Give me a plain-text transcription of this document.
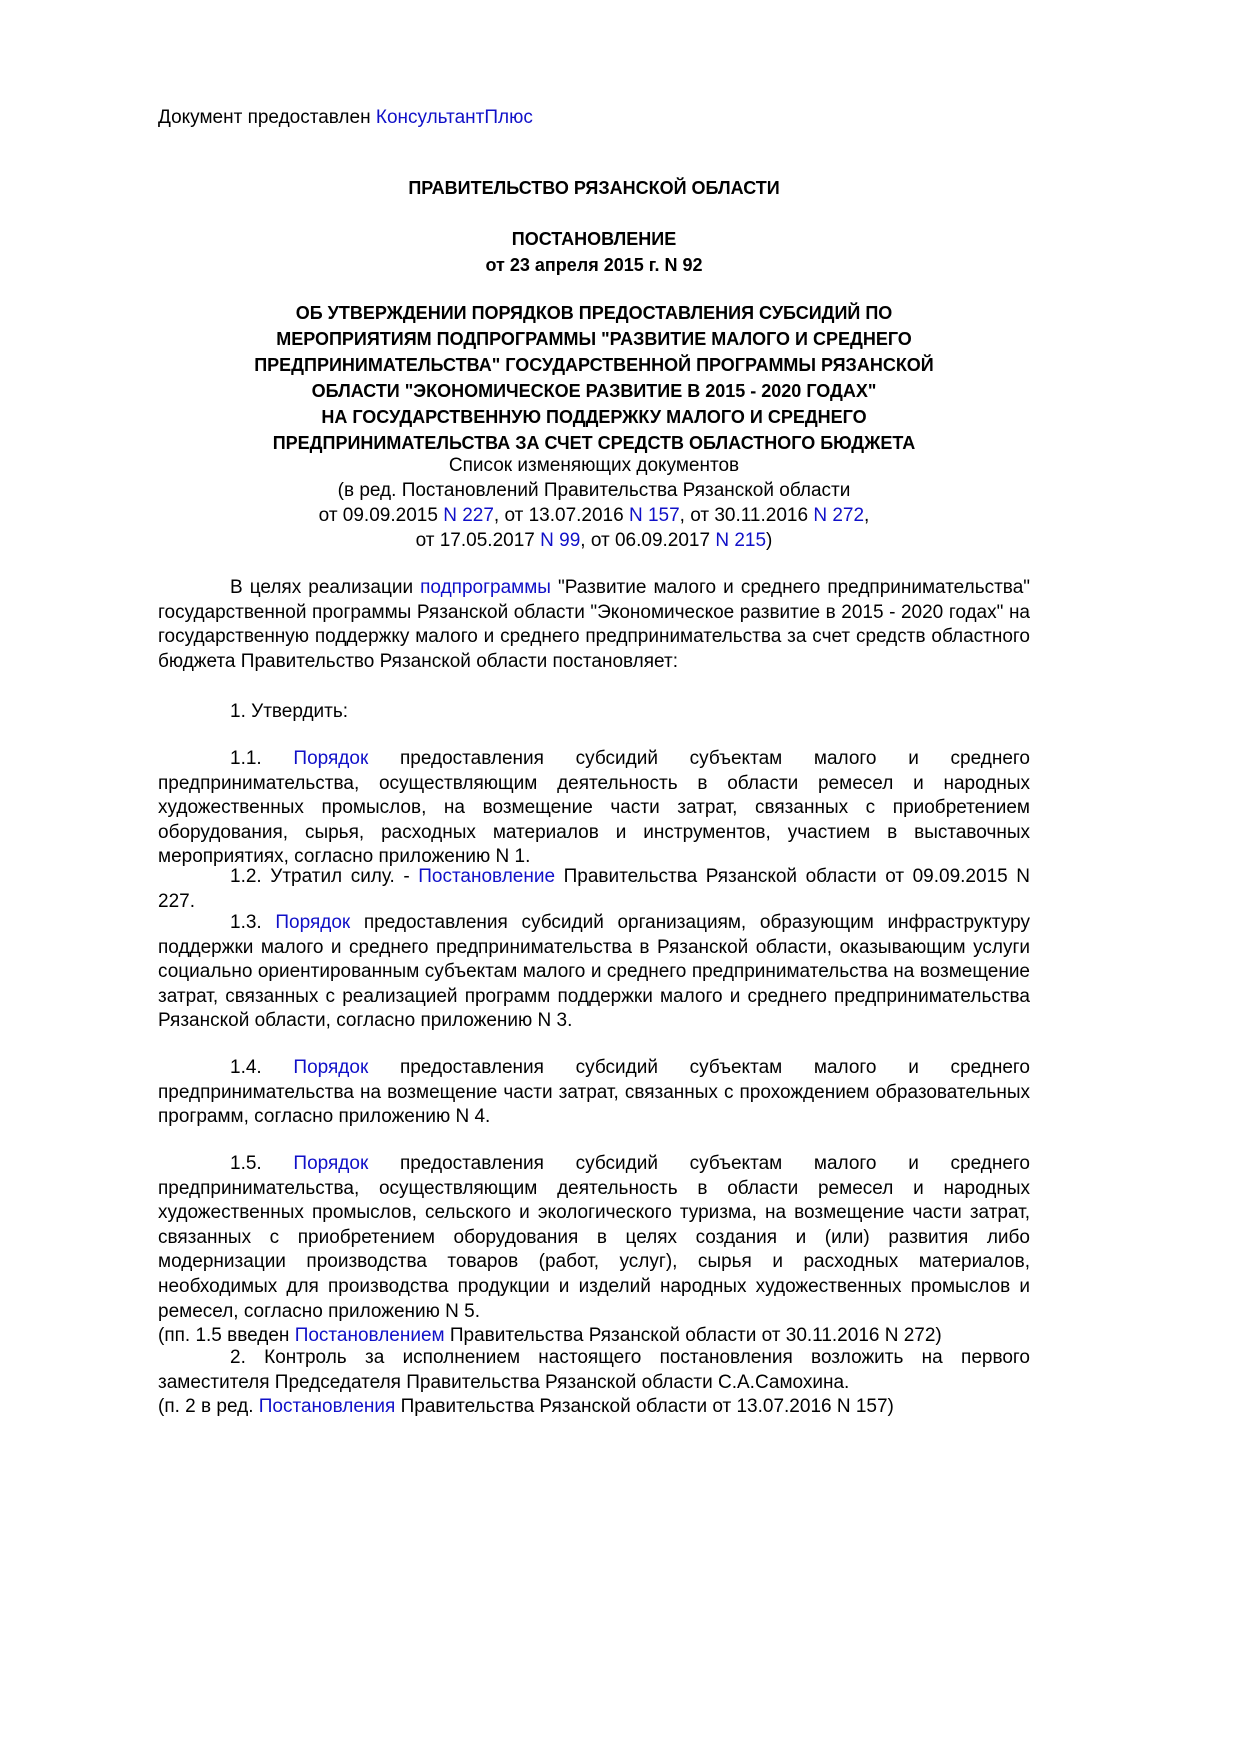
Документ предоставлен КонсультантПлюс
ПРАВИТЕЛЬСТВО РЯЗАНСКОЙ ОБЛАСТИ
ПОСТАНОВЛЕНИЕ
от 23 апреля 2015 г. N 92
ОБ УТВЕРЖДЕНИИ ПОРЯДКОВ ПРЕДОСТАВЛЕНИЯ СУБСИДИЙ ПО
МЕРОПРИЯТИЯМ ПОДПРОГРАММЫ "РАЗВИТИЕ МАЛОГО И СРЕДНЕГО
ПРЕДПРИНИМАТЕЛЬСТВА" ГОСУДАРСТВЕННОЙ ПРОГРАММЫ РЯЗАНСКОЙ
ОБЛАСТИ "ЭКОНОМИЧЕСКОЕ РАЗВИТИЕ В 2015 - 2020 ГОДАХ"
НА ГОСУДАРСТВЕННУЮ ПОДДЕРЖКУ МАЛОГО И СРЕДНЕГО
ПРЕДПРИНИМАТЕЛЬСТВА ЗА СЧЕТ СРЕДСТВ ОБЛАСТНОГО БЮДЖЕТА
Список изменяющих документов
(в ред. Постановлений Правительства Рязанской области
от 09.09.2015 N 227, от 13.07.2016 N 157, от 30.11.2016 N 272,
от 17.05.2017 N 99, от 06.09.2017 N 215)

В целях реализации подпрограммы "Развитие малого и среднего предпринимательства" государственной программы Рязанской области "Экономическое развитие в 2015 - 2020 годах" на государственную поддержку малого и среднего предпринимательства за счет средств областного бюджета Правительство Рязанской области постановляет:

1. Утвердить:

1.1. Порядок предоставления субсидий субъектам малого и среднего предпринимательства, осуществляющим деятельность в области ремесел и народных художественных промыслов, на возмещение части затрат, связанных с приобретением оборудования, сырья, расходных материалов и инструментов, участием в выставочных мероприятиях, согласно приложению N 1.

1.2. Утратил силу. - Постановление Правительства Рязанской области от 09.09.2015 N 227.

1.3. Порядок предоставления субсидий организациям, образующим инфраструктуру поддержки малого и среднего предпринимательства в Рязанской области, оказывающим услуги социально ориентированным субъектам малого и среднего предпринимательства на возмещение затрат, связанных с реализацией программ поддержки малого и среднего предпринимательства Рязанской области, согласно приложению N 3.

1.4. Порядок предоставления субсидий субъектам малого и среднего предпринимательства на возмещение части затрат, связанных с прохождением образовательных программ, согласно приложению N 4.

1.5. Порядок предоставления субсидий субъектам малого и среднего предпринимательства, осуществляющим деятельность в области ремесел и народных художественных промыслов, сельского и экологического туризма, на возмещение части затрат, связанных с приобретением оборудования в целях создания и (или) развития либо модернизации производства товаров (работ, услуг), сырья и расходных материалов, необходимых для производства продукции и изделий народных художественных промыслов и ремесел, согласно приложению N 5.

(пп. 1.5 введен Постановлением Правительства Рязанской области от 30.11.2016 N 272)

2. Контроль за исполнением настоящего постановления возложить на первого заместителя Председателя Правительства Рязанской области С.А.Самохина.

(п. 2 в ред. Постановления Правительства Рязанской области от 13.07.2016 N 157)
